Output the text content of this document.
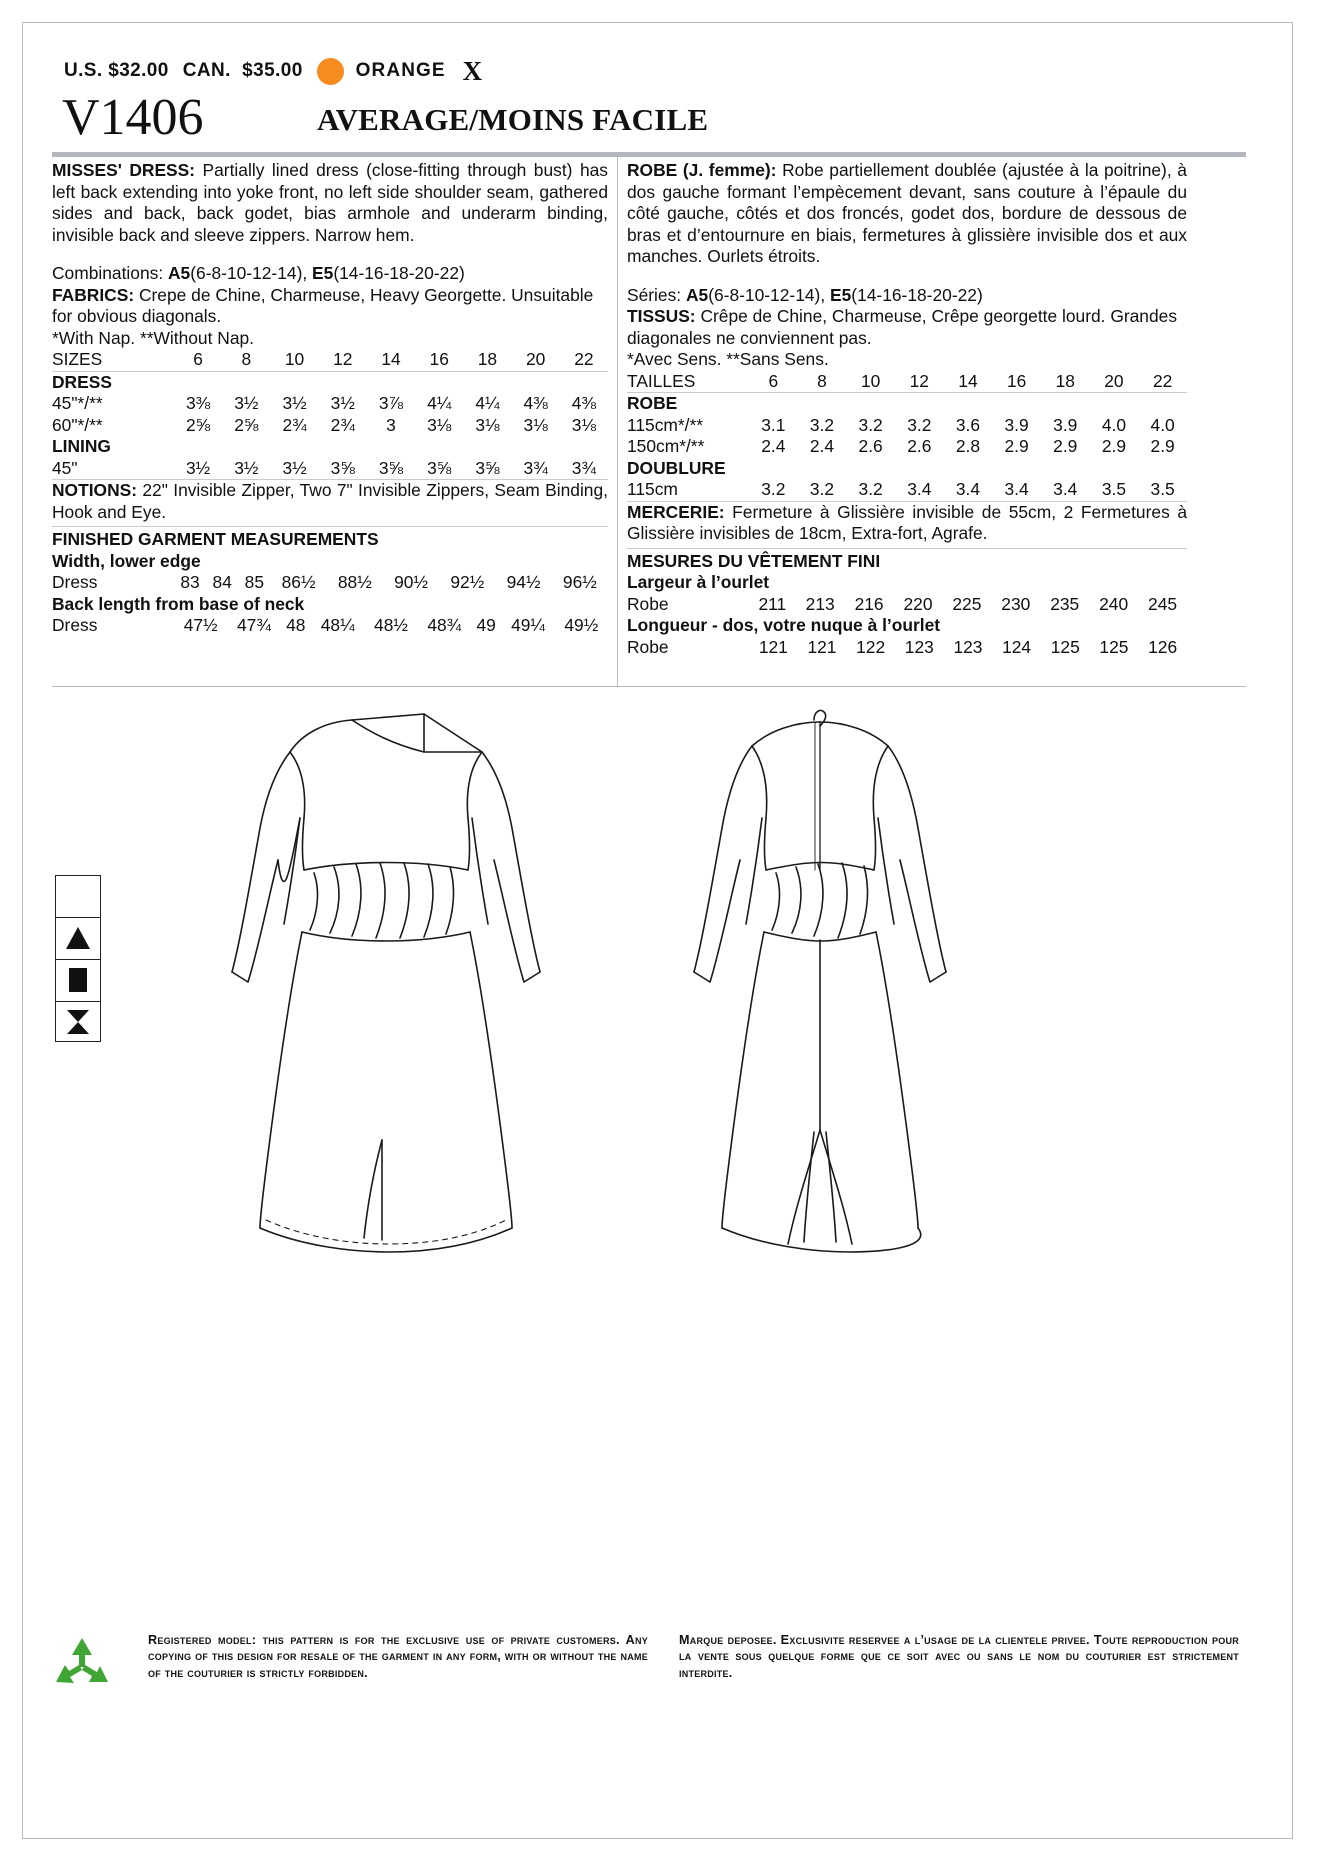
U.S. $32.00 CAN.  $35.00	ORANGE X
V1406	AVERAGE/MOINS FACILE

MISSES' DRESS: Partially lined dress (close-fitting through bust) has left back extending into yoke front, no left side shoulder seam, gathered sides and back, back godet, bias armhole and underarm binding, invisible back and sleeve zippers. Narrow hem.

Combinations: A5(6-8-10-12-14), E5(14-16-18-20-22)

FABRICS: Crepe de Chine, Charmeuse, Heavy Georgette. Unsuitable for obvious diagonals.

*With Nap. **Without Nap.

SIZES	6	8	10	12	14	16	18	20	22
DRESS									
45"*/**	3⅜	3½	3½	3½	3⅞	4¼	4¼	4⅜	4⅜
60"*/**	2⅝	2⅝	2¾	2¾	3	3⅛	3⅛	3⅛	3⅛
LINING									
45"	3½	3½	3½	3⅝	3⅝	3⅝	3⅝	3¾	3¾

NOTIONS: 22" Invisible Zipper, Two 7" Invisible Zippers, Seam Binding, Hook and Eye.

FINISHED GARMENT MEASUREMENTS

Width, lower edge

Dress	83	84	85	86½	88½	90½	92½	94½	96½

Back length from base of neck

Dress	47½	47¾	48	48¼	48½	48¾	49	49¼	49½

ROBE (J. femme): Robe partiellement doublée (ajustée à la poitrine), à dos gauche formant l’empècement devant, sans couture à l’épaule du côté gauche, côtés et dos froncés, godet dos, bordure de dessous de bras et d’entournure en biais, fermetures à glissière invisible dos et aux manches. Ourlets étroits.

Séries: A5(6-8-10-12-14), E5(14-16-18-20-22)

TISSUS: Crêpe de Chine, Charmeuse, Crêpe georgette lourd. Grandes diagonales ne conviennent pas.

*Avec Sens. **Sans Sens.

TAILLES	6	8	10	12	14	16	18	20	22
ROBE									
115cm*/**	3.1	3.2	3.2	3.2	3.6	3.9	3.9	4.0	4.0
150cm*/**	2.4	2.4	2.6	2.6	2.8	2.9	2.9	2.9	2.9
DOUBLURE									
115cm	3.2	3.2	3.2	3.4	3.4	3.4	3.4	3.5	3.5

MERCERIE: Fermeture à Glissière invisible de 55cm, 2 Fermetures à Glissière invisibles de 18cm, Extra-fort, Agrafe.

MESURES DU VÊTEMENT FINI

Largeur à l’ourlet

Robe	211	213	216	220	225	230	235	240	245

Longueur - dos, votre nuque à l’ourlet

Robe	121	121	122	123	123	124	125	125	126
Registered model: this pattern is for the exclusive use of private customers. Any copying of this design for resale of the garment in any form, with or without the name of the couturier is strictly forbidden.
Marque deposee. Exclusivite reservee a l’usage de la clientele privee. Toute reproduction pour la vente sous quelque forme que ce soit avec ou sans le nom du couturier est strictement interdite.
